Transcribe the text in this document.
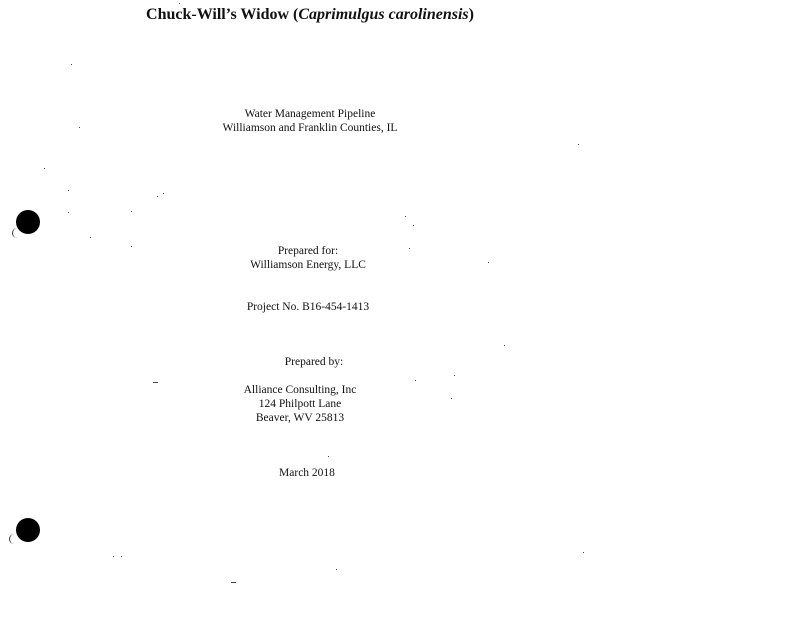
Chuck-Will’s Widow (Caprimulgus carolinensis)
Water Management Pipeline
Williamson and Franklin Counties, IL
Prepared for:
Williamson Energy, LLC
Project No. B16-454-1413
Prepared by:
Alliance Consulting, Inc
124 Philpott Lane
Beaver, WV 25813
March 2018
